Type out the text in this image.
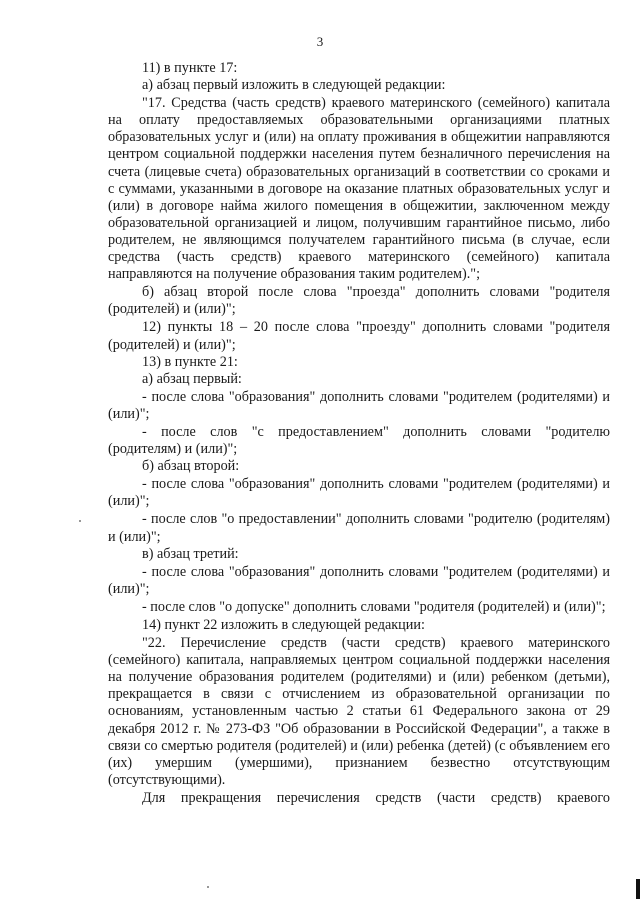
3

11) в пункте 17:

а) абзац первый изложить в следующей редакции:

"17. Средства (часть средств) краевого материнского (семейного) капитала на оплату предоставляемых образовательными организациями платных образовательных услуг и (или) на оплату проживания в общежитии направляются центром социальной поддержки населения путем безналичного перечисления на счета (лицевые счета) образовательных организаций в соответствии со сроками и с суммами, указанными в договоре на оказание платных образовательных услуг и (или) в договоре найма жилого помещения в общежитии, заключенном между образовательной организацией и лицом, получившим гарантийное письмо, либо родителем, не являющимся получателем гарантийного письма (в случае, если средства (часть средств) краевого материнского (семейного) капитала направляются на получение образования таким родителем).";

б) абзац второй после слова "проезда" дополнить словами "родителя (родителей) и (или)";

12) пункты 18 – 20 после слова "проезду" дополнить словами "родителя (родителей) и (или)";

13) в пункте 21:

а) абзац первый:

- после слова "образования" дополнить словами "родителем (родителями) и (или)";

- после слов "с предоставлением" дополнить словами "родителю (родителям) и (или)";

б) абзац второй:

- после слова "образования" дополнить словами "родителем (родителями) и (или)";

- после слов "о предоставлении" дополнить словами "родителю (родителям) и (или)";

в) абзац третий:

- после слова "образования" дополнить словами "родителем (родителями) и (или)";

- после слов "о допуске" дополнить словами "родителя (родителей) и (или)";

14) пункт 22 изложить в следующей редакции:

"22. Перечисление средств (части средств) краевого материнского (семейного) капитала, направляемых центром социальной поддержки населения на получение образования родителем (родителями) и (или) ребенком (детьми), прекращается в связи с отчислением из образовательной организации по основаниям, установленным частью 2 статьи 61 Федерального закона от 29 декабря 2012 г. № 273-ФЗ "Об образовании в Российской Федерации", а также в связи со смертью родителя (родителей) и (или) ребенка (детей) (с объявлением его (их) умершим (умершими), признанием безвестно отсутствующим (отсутствующими).

Для прекращения перечисления средств (части средств) краевого
